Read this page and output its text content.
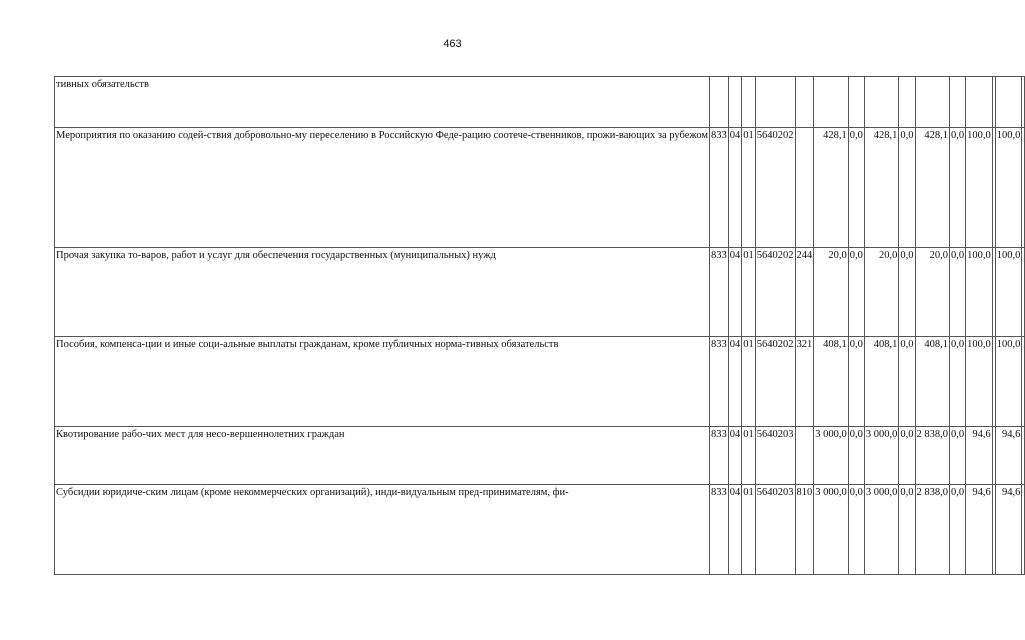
463
тивных обязательств															
Мероприятия по оказанию содей-ствия добровольно-му переселению в Российскую Феде-рацию соотече-ственников, прожи-вающих за рубежом	833	04	01	5640202		428,1	0,0	428,1	0,0	428,1	0,0	100,0		100,0	
Прочая закупка то-варов, работ и услуг для обеспечения государственных (муниципальных) нужд	833	04	01	5640202	244	20,0	0,0	20,0	0,0	20,0	0,0	100,0		100,0	
Пособия, компенса-ции и иные соци-альные выплаты гражданам, кроме публичных норма-тивных обязательств	833	04	01	5640202	321	408,1	0,0	408,1	0,0	408,1	0,0	100,0		100,0	
Квотирование рабо-чих мест для несо-вершеннолетних граждан	833	04	01	5640203		3 000,0	0,0	3 000,0	0,0	2 838,0	0,0	94,6		94,6	
Субсидии юридиче-ским лицам (кроме некоммерческих организаций), инди-видуальным пред-принимателям, фи-	833	04	01	5640203	810	3 000,0	0,0	3 000,0	0,0	2 838,0	0,0	94,6		94,6	
